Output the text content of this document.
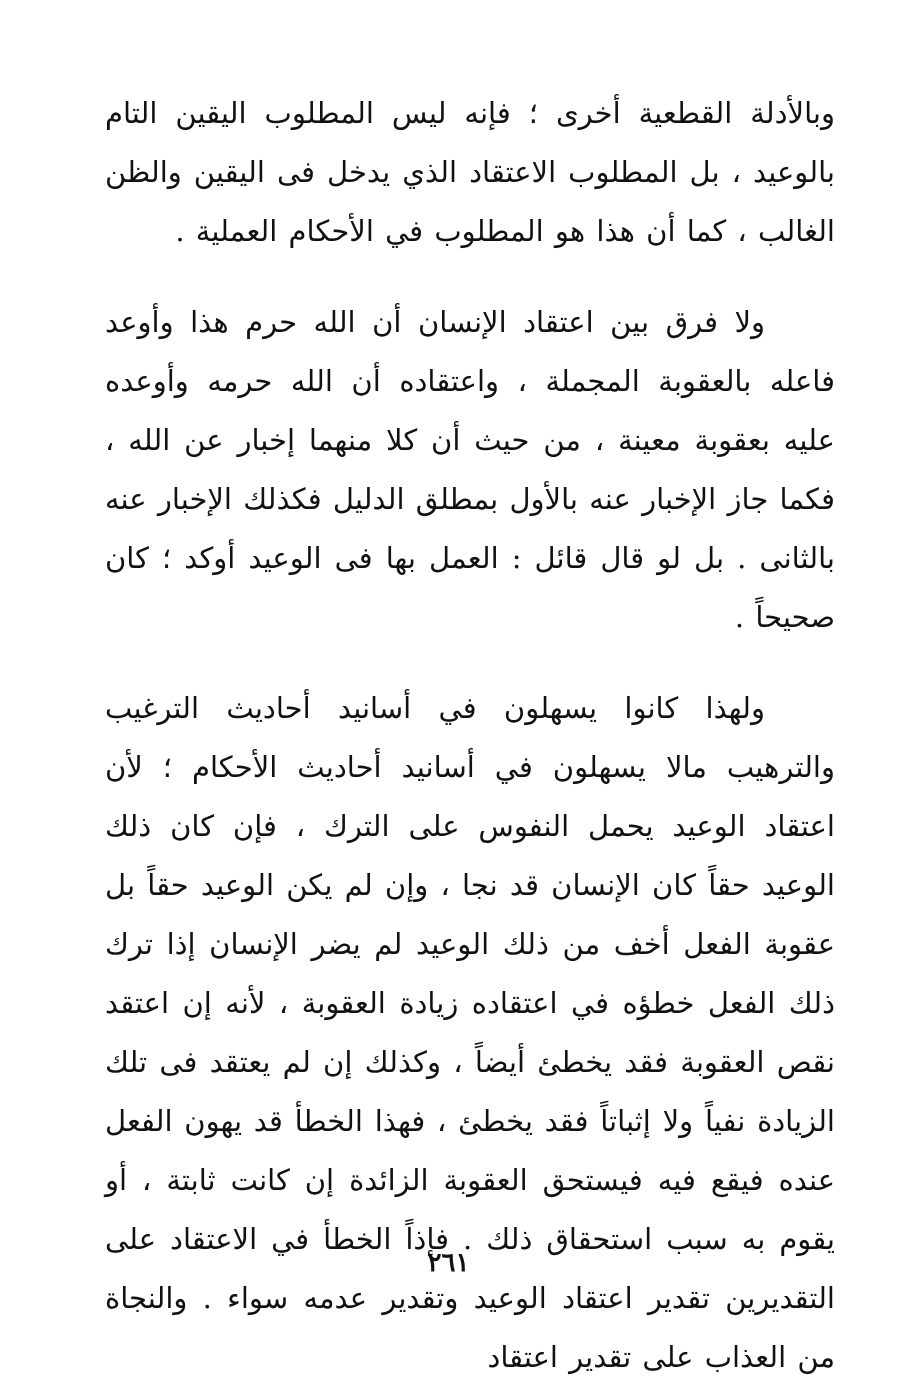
وبالأدلة القطعية أخرى ؛ فإنه ليس المطلوب اليقين التام بالوعيد ، بل المطلوب الاعتقاد الذي يدخل فى اليقين والظن الغالب ، كما أن هذا هو المطلوب في الأحكام العملية .

ولا فرق بين اعتقاد الإنسان أن الله حرم هذا وأوعد فاعله بالعقوبة المجملة ، واعتقاده أن الله حرمه وأوعده عليه بعقوبة معينة ، من حيث أن كلا منهما إخبار عن الله ، فكما جاز الإخبار عنه بالأول بمطلق الدليل فكذلك الإخبار عنه بالثانى . بل لو قال قائل : العمل بها فى الوعيد أوكد ؛ كان صحيحاً .

ولهذا كانوا يسهلون في أسانيد أحاديث الترغيب والترهيب مالا يسهلون في أسانيد أحاديث الأحكام ؛ لأن اعتقاد الوعيد يحمل النفوس على الترك ، فإن كان ذلك الوعيد حقاً كان الإنسان قد نجا ، وإن لم يكن الوعيد حقاً بل عقوبة الفعل أخف من ذلك الوعيد لم يضر الإنسان إذا ترك ذلك الفعل خطؤه في اعتقاده زيادة العقوبة ، لأنه إن اعتقد نقص العقوبة فقد يخطئ أيضاً ، وكذلك إن لم يعتقد فى تلك الزيادة نفياً ولا إثباتاً فقد يخطئ ، فهذا الخطأ قد يهون الفعل عنده فيقع فيه فيستحق العقوبة الزائدة إن كانت ثابتة ، أو يقوم به سبب استحقاق ذلك . فإذاً الخطأ في الاعتقاد على التقديرين تقدير اعتقاد الوعيد وتقدير عدمه سواء . والنجاة من العذاب على تقدير اعتقاد

٢٦١
